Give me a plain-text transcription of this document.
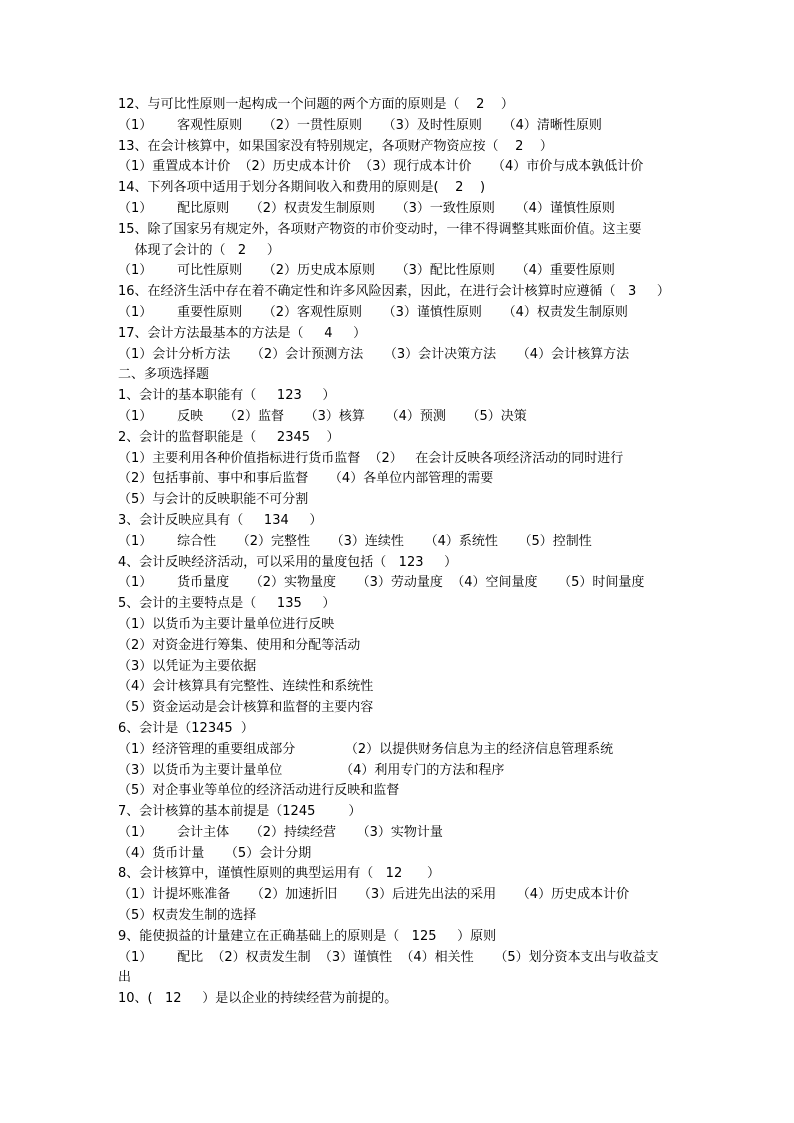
12、与可比性原则一起构成一个问题的两个方面的原则是（    2    ）
（1）      客观性原则     （2）一贯性原则     （3）及时性原则     （4）清晰性原则
13、在会计核算中，如果国家没有特别规定，各项财产物资应按（    2    ）
（1）重置成本计价  （2）历史成本计价  （3）现行成本计价     （4）市价与成本孰低计价
14、下列各项中适用于划分各期间收入和费用的原则是(    2    )
（1）      配比原则     （2）权责发生制原则     （3）一致性原则     （4）谨慎性原则
15、除了国家另有规定外，各项财产物资的市价变动时，一律不得调整其账面价值。这主要
体现了会计的（   2     ）
（1）      可比性原则     （2）历史成本原则     （3）配比性原则     （4）重要性原则
16、在经济生活中存在着不确定性和许多风险因素，因此，在进行会计核算时应遵循（   3     ）
（1）      重要性原则     （2）客观性原则     （3）谨慎性原则     （4）权责发生制原则
17、会计方法最基本的方法是（     4     ）
（1）会计分析方法     （2）会计预测方法     （3）会计决策方法     （4）会计核算方法
二、多项选择题
1、会计的基本职能有（     123     ）
（1）      反映     （2）监督     （3）核算     （4）预测     （5）决策
2、会计的监督职能是（     2345    ）
（1）主要利用各种价值指标进行货币监督  （2）   在会计反映各项经济活动的同时进行
（2）包括事前、事中和事后监督     （4）各单位内部管理的需要
（5）与会计的反映职能不可分割
3、会计反映应具有（     134     ）
（1）      综合性     （2）完整性     （3）连续性     （4）系统性     （5）控制性
4、会计反映经济活动，可以采用的量度包括（   123     ）
（1）      货币量度     （2）实物量度     （3）劳动量度  （4）空间量度     （5）时间量度
5、会计的主要特点是（     135     ）
（1）以货币为主要计量单位进行反映
（2）对资金进行筹集、使用和分配等活动
（3）以凭证为主要依据
（4）会计核算具有完整性、连续性和系统性
（5）资金运动是会计核算和监督的主要内容
6、会计是（12345  ）
（1）经济管理的重要组成部分            （2）以提供财务信息为主的经济信息管理系统
（3）以货币为主要计量单位              （4）利用专门的方法和程序
（5）对企事业等单位的经济活动进行反映和监督
7、会计核算的基本前提是（1245        ）
（1）      会计主体     （2）持续经营     （3）实物计量
（4）货币计量     （5）会计分期
8、会计核算中，谨慎性原则的典型运用有（   12      ）
（1）计提坏账准备     （2）加速折旧     （3）后进先出法的采用     （4）历史成本计价
（5）权责发生制的选择
9、能使损益的计量建立在正确基础上的原则是（   125     ）原则
（1）      配比  （2）权责发生制  （3）谨慎性  （4）相关性     （5）划分资本支出与收益支
出
10、(   12     ）是以企业的持续经营为前提的。
